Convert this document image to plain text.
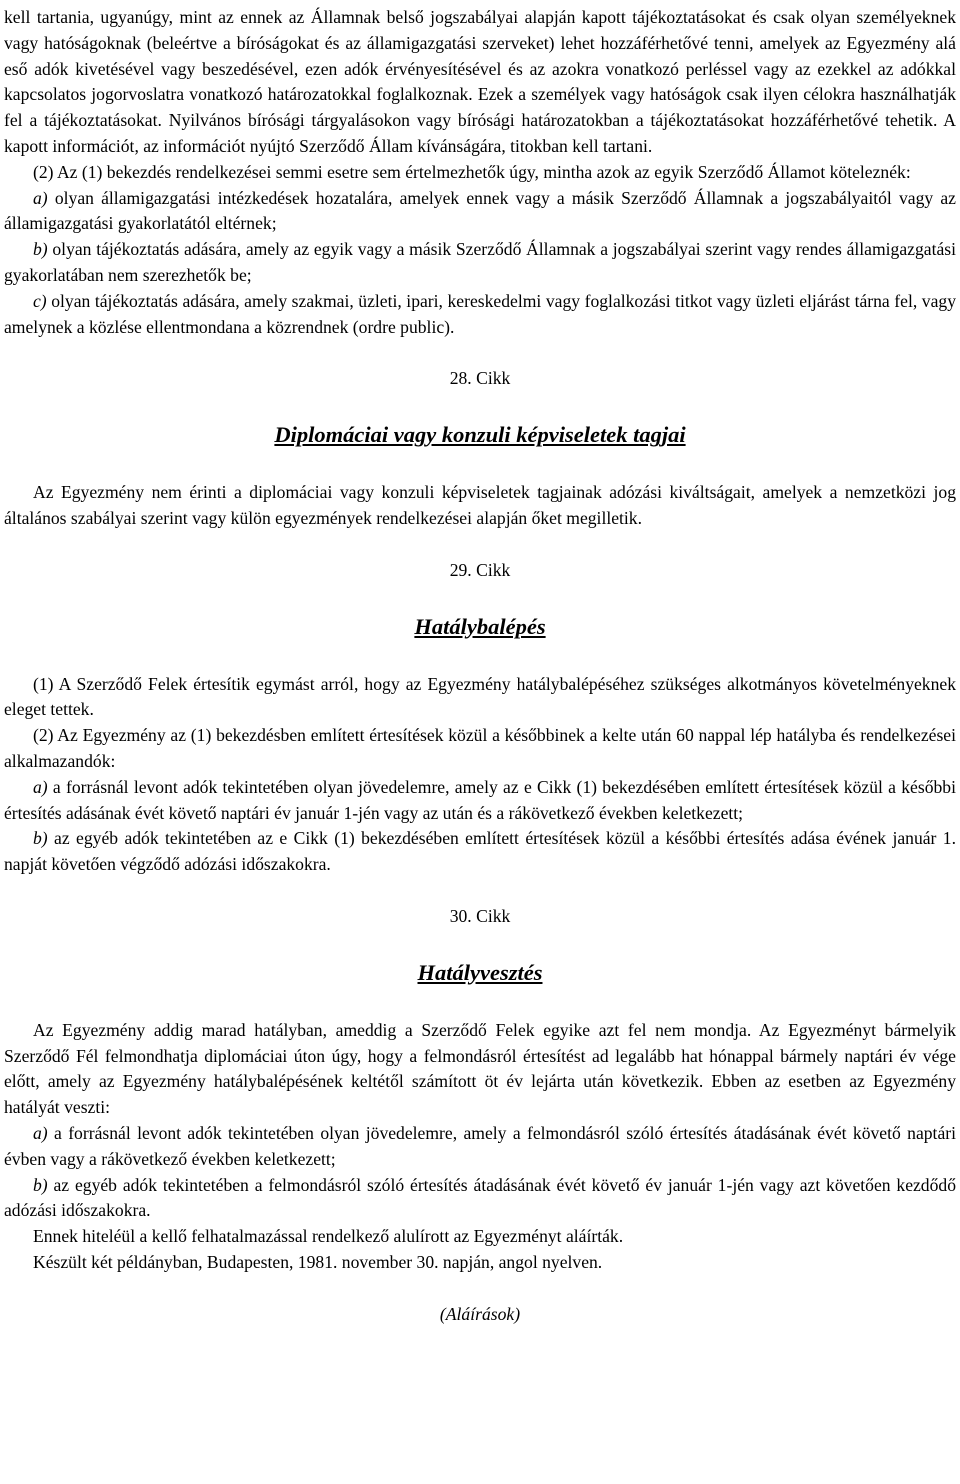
kell tartania, ugyanúgy, mint az ennek az Államnak belső jogszabályai alapján kapott tájékoztatásokat és csak olyan személyeknek vagy hatóságoknak (beleértve a bíróságokat és az államigazgatási szerveket) lehet hozzáférhetővé tenni, amelyek az Egyezmény alá eső adók kivetésével vagy beszedésével, ezen adók érvényesítésével és az azokra vonatkozó perléssel vagy az ezekkel az adókkal kapcsolatos jogorvoslatra vonatkozó határozatokkal foglalkoznak. Ezek a személyek vagy hatóságok csak ilyen célokra használhatják fel a tájékoztatásokat. Nyilvános bírósági tárgyalásokon vagy bírósági határozatokban a tájékoztatásokat hozzáférhetővé tehetik. A kapott információt, az információt nyújtó Szerződő Állam kívánságára, titokban kell tartani.

(2) Az (1) bekezdés rendelkezései semmi esetre sem értelmezhetők úgy, mintha azok az egyik Szerződő Államot köteleznék:

a) olyan államigazgatási intézkedések hozatalára, amelyek ennek vagy a másik Szerződő Államnak a jogszabályaitól vagy az államigazgatási gyakorlatától eltérnek;

b) olyan tájékoztatás adására, amely az egyik vagy a másik Szerződő Államnak a jogszabályai szerint vagy rendes államigazgatási gyakorlatában nem szerezhetők be;

c) olyan tájékoztatás adására, amely szakmai, üzleti, ipari, kereskedelmi vagy foglalkozási titkot vagy üzleti eljárást tárna fel, vagy amelynek a közlése ellentmondana a közrendnek (ordre public).

28. Cikk
Diplomáciai vagy konzuli képviseletek tagjai

Az Egyezmény nem érinti a diplomáciai vagy konzuli képviseletek tagjainak adózási kiváltságait, amelyek a nemzetközi jog általános szabályai szerint vagy külön egyezmények rendelkezései alapján őket megilletik.

29. Cikk
Hatálybalépés

(1) A Szerződő Felek értesítik egymást arról, hogy az Egyezmény hatálybalépéséhez szükséges alkotmányos követelményeknek eleget tettek.

(2) Az Egyezmény az (1) bekezdésben említett értesítések közül a későbbinek a kelte után 60 nappal lép hatályba és rendelkezései alkalmazandók:

a) a forrásnál levont adók tekintetében olyan jövedelemre, amely az e Cikk (1) bekezdésében említett értesítések közül a későbbi értesítés adásának évét követő naptári év január 1-jén vagy az után és a rákövetkező években keletkezett;

b) az egyéb adók tekintetében az e Cikk (1) bekezdésében említett értesítések közül a későbbi értesítés adása évének január 1. napját követően végződő adózási időszakokra.

30. Cikk
Hatályvesztés

Az Egyezmény addig marad hatályban, ameddig a Szerződő Felek egyike azt fel nem mondja. Az Egyezményt bármelyik Szerződő Fél felmondhatja diplomáciai úton úgy, hogy a felmondásról értesítést ad legalább hat hónappal bármely naptári év vége előtt, amely az Egyezmény hatálybalépésének keltétől számított öt év lejárta után következik. Ebben az esetben az Egyezmény hatályát veszti:

a) a forrásnál levont adók tekintetében olyan jövedelemre, amely a felmondásról szóló értesítés átadásának évét követő naptári évben vagy a rákövetkező években keletkezett;

b) az egyéb adók tekintetében a felmondásról szóló értesítés átadásának évét követő év január 1-jén vagy azt követően kezdődő adózási időszakokra.

Ennek hiteléül a kellő felhatalmazással rendelkező alulírott az Egyezményt aláírták.

Készült két példányban, Budapesten, 1981. november 30. napján, angol nyelven.

(Aláírások)
